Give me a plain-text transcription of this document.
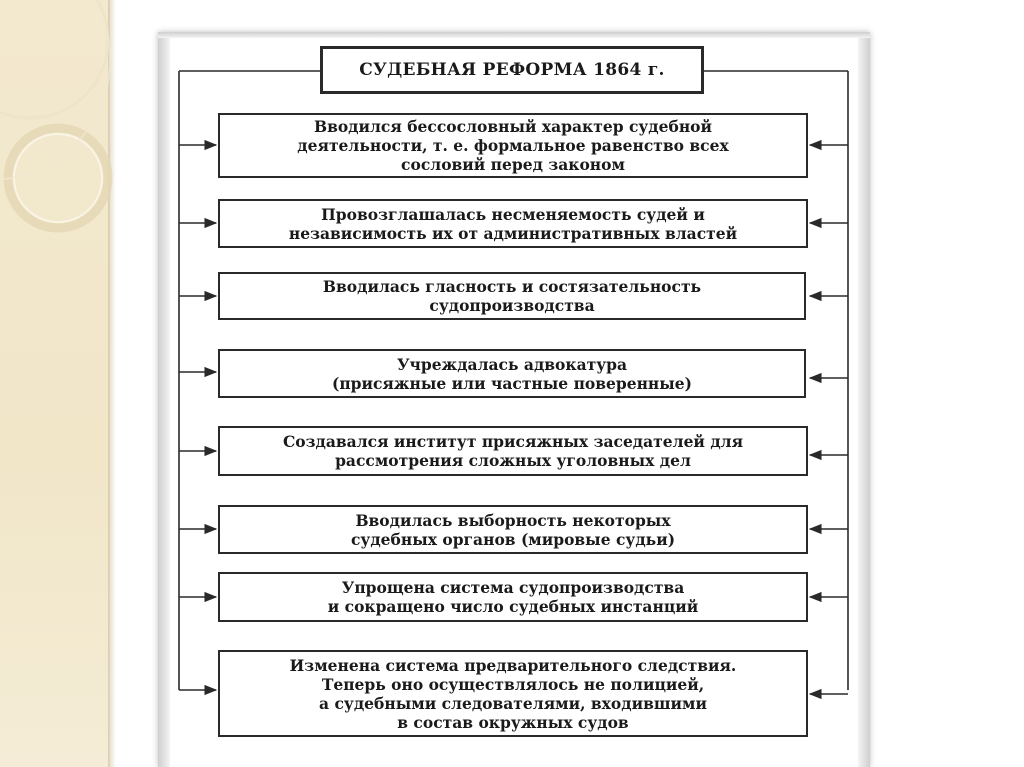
СУДЕБНАЯ РЕФОРМА 1864 г.
Вводился бессословный характер судебной
деятельности, т. е. формальное равенство всех
сословий перед законом
Провозглашалась несменяемость судей и
независимость их от административных властей
Вводилась гласность и состязательность
судопроизводства
Учреждалась адвокатура
(присяжные или частные поверенные)
Создавался институт присяжных заседателей для
рассмотрения сложных уголовных дел
Вводилась выборность некоторых
судебных органов (мировые судьи)
Упрощена система судопроизводства
и сокращено число судебных инстанций
Изменена система предварительного следствия.
Теперь оно осуществлялось не полицией,
а судебными следователями, входившими
в состав окружных судов
